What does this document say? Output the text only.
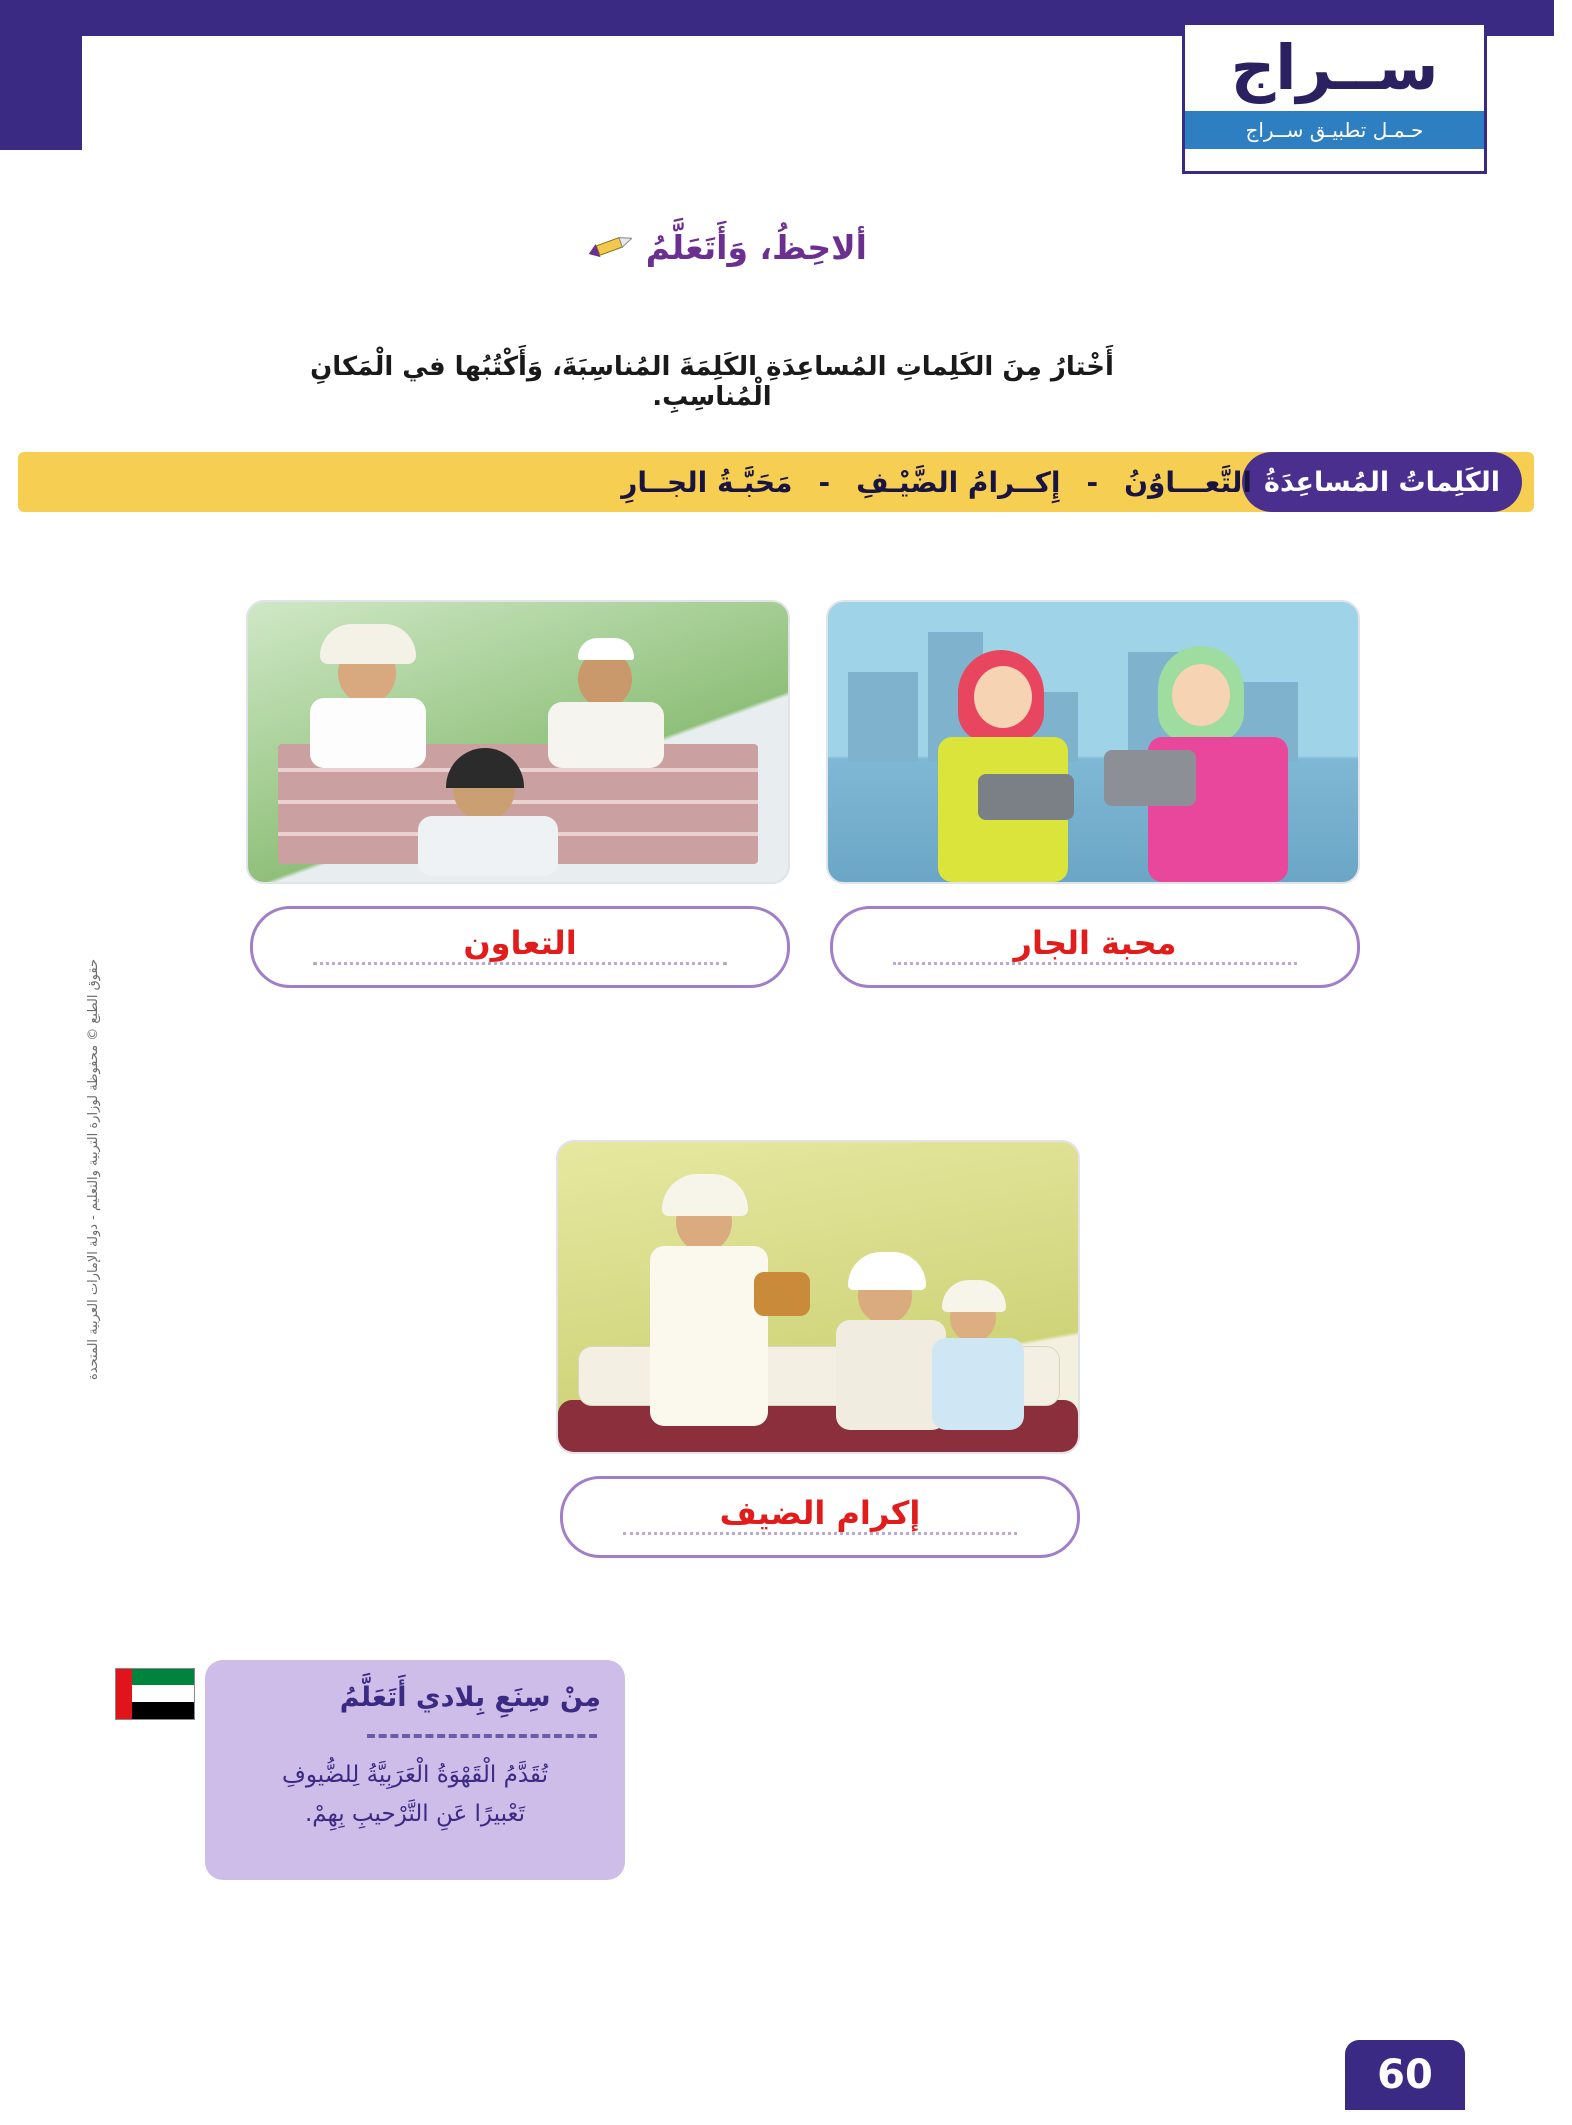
ســراج
حـمـل تطبيـق ســراج
ألاحِظُ، وَأَتَعَلَّمُ
أَخْتارُ مِنَ الكَلِماتِ المُساعِدَةِ الكَلِمَةَ المُناسِبَةَ، وَأَكْتُبُها في الْمَكانِ الْمُناسِبِ.
الكَلِماتُ المُساعِدَةُ
التَّعـــاوُنُ
-
إِكــرامُ الضَّيْـفِ
-
مَحَبَّـةُ الجــارِ
التعاون	محبة الجار
إكرام الضيف
مِنْ سِنَعِ بِلادي أَتَعَلَّمُ
تُقَدَّمُ الْقَهْوَةُ الْعَرَبِيَّةُ لِلضُّيوفِ
تَعْبيرًا عَنِ التَّرْحيبِ بِهِمْ.
حقوق الطبع © محفوظة لوزارة التربية والتعليم - دولة الإمارات العربية المتحدة
60
